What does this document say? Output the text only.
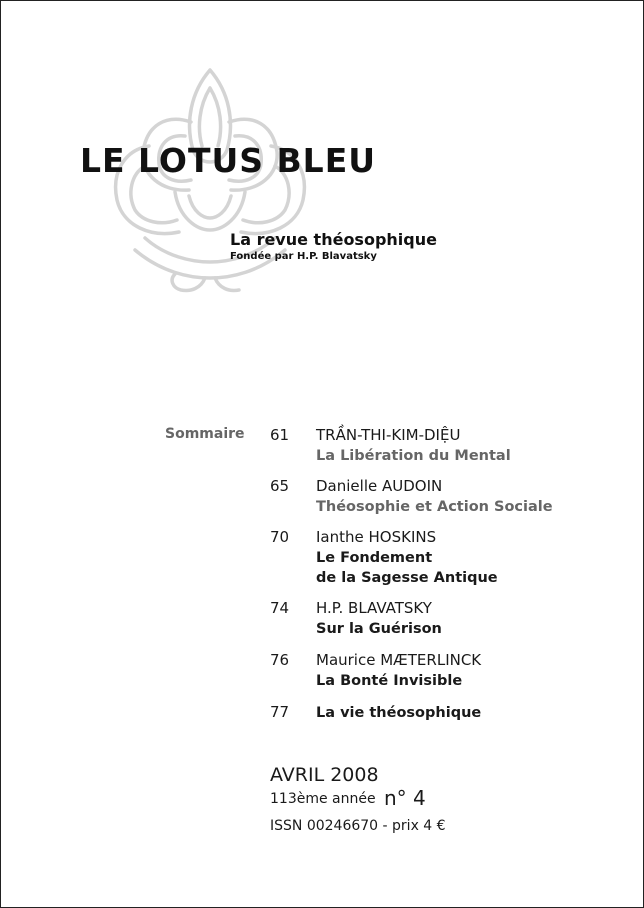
LE LOTUS BLEU
La revue théosophique
Fondée par H.P. Blavatsky
Sommaire 61	TRẦN-THI-KIM-DIỆU
La Libération du Mental
65	Danielle AUDOIN
Théosophie et Action Sociale
70	Ianthe HOSKINS
Le Fondement
de la Sagesse Antique
74	H.P. BLAVATSKY
Sur la Guérison
76	Maurice MÆTERLINCK
La Bonté Invisible
77	La vie théosophique
AVRIL 2008
113ème année n° 4
ISSN 00246670 - prix 4 €
